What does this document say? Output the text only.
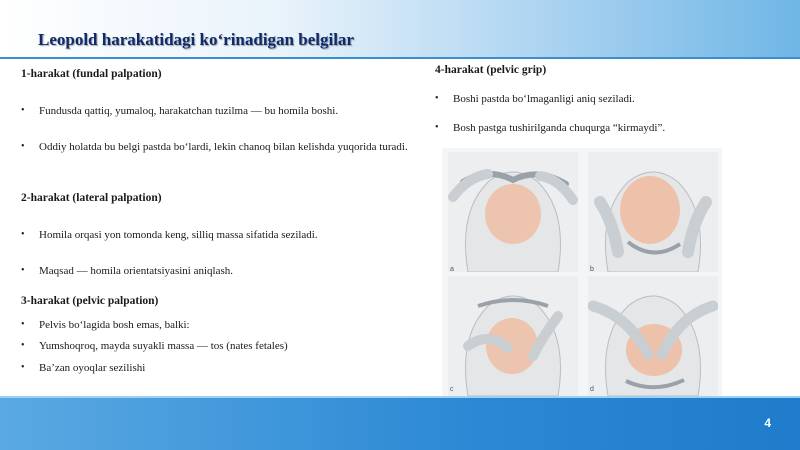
Leopold harakatidagi ko‘rinadigan belgilar
1-harakat (fundal palpation)
• Fundusda qattiq, yumaloq, harakatchan tuzilma — bu homila boshi.
• Oddiy holatda bu belgi pastda bo‘lardi, lekin chanoq bilan kelishda yuqorida turadi.
2-harakat (lateral palpation)
• Homila orqasi yon tomonda keng, silliq massa sifatida seziladi.
• Maqsad — homila orientatsiyasini aniqlash.
3-harakat (pelvic palpation)
• Pelvis bo‘lagida bosh emas, balki:
• Yumshoqroq, mayda suyakli massa — tos (nates fetales)
• Ba’zan oyoqlar sezilishi
4-harakat (pelvic grip)
• Boshi pastda bo‘lmaganligi aniq seziladi.
• Bosh pastga tushirilganda chuqurga “kirmaydi”.
a	b
c	d
4
